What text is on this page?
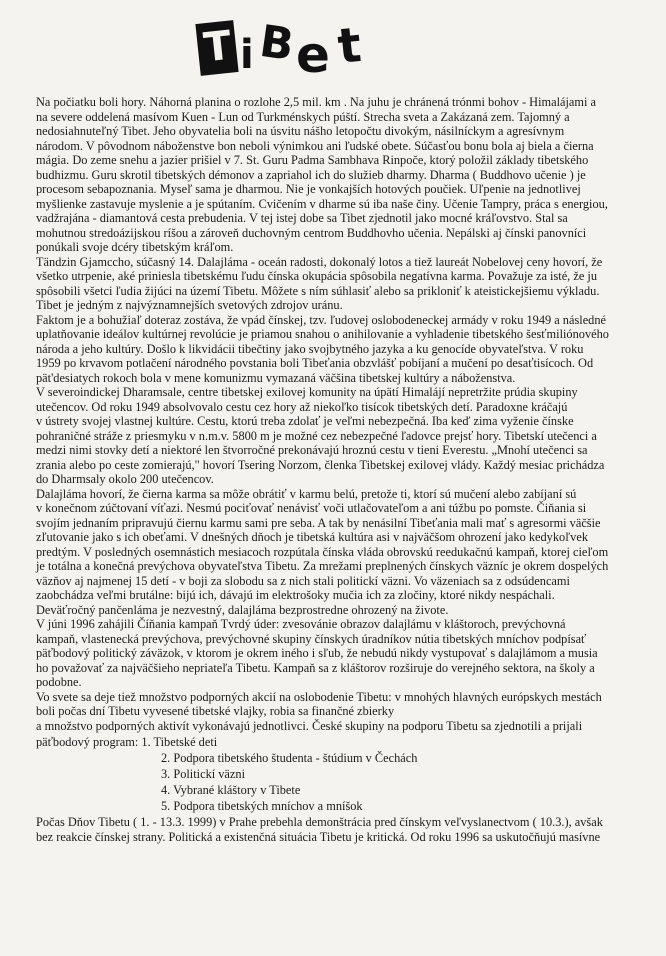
T i B e t
Na počiatku boli hory. Náhorná planina o rozlohe 2,5 mil. km . Na juhu je chránená trónmi bohov - Himalájami a
na severe oddelená masívom Kuen - Lun od Turkménskych púští. Strecha sveta a Zakázaná zem. Tajomný a
nedosiahnuteľný Tibet. Jeho obyvatelia boli na úsvitu nášho letopočtu divokým, násilníckym a agresívnym
národom. V pôvodnom náboženstve bon neboli výnimkou ani ľudské obete. Súčasťou bonu bola aj biela a čierna
mágia. Do zeme snehu a jazier prišiel v 7. St. Guru Padma Sambhava Rinpoče, ktorý položil základy tibetského
budhizmu. Guru skrotil tibetských démonov a zapriahol ich do služieb dharmy. Dharma ( Buddhovo učenie ) je
procesom sebapoznania. Myseľ sama je dharmou. Nie je vonkajších hotových poučiek. Uľpenie na jednotlivej
myšlienke zastavuje myslenie a je spútaním. Cvičením v dharme sú iba naše činy. Učenie Tampry, práca s energiou,
vadžrajána - diamantová cesta prebudenia. V tej istej dobe sa Tibet zjednotil jako mocné kráľovstvo. Stal sa
mohutnou stredoázijskou ríšou a zároveň duchovným centrom Buddhovho učenia. Nepálski aj čínski panovníci
ponúkali svoje dcéry tibetským kráľom.
Tändzin Gjamccho, súčasný 14. Dalajláma - oceán radosti, dokonalý lotos a tiež laureát Nobelovej ceny hovorí, že
všetko utrpenie, aké priniesla tibetskému ľudu čínska okupácia spôsobila negatívna karma. Považuje za isté, že ju
spôsobili všetci ľudia žijúci na území Tibetu. Môžete s ním súhlasiť alebo sa prikloniť k ateistickejšiemu výkladu.
Tibet je jedným z najvýznamnejších svetových zdrojov uránu.
Faktom je a bohužiaľ doteraz zostáva, že vpád čínskej, tzv. ľudovej oslobodeneckej armády v roku 1949 a následné
uplatňovanie ideálov kultúrnej revolúcie je priamou snahou o anihilovanie a vyhladenie tibetského šesťmiliónového
národa a jeho kultúry. Došlo k likvidácii tibečtiny jako svojbytného jazyka a ku genocíde obyvateľstva. V roku
1959 po krvavom potlačení národného povstania boli Tibeťania obzvlášť pobíjaní a mučení po desaťtisícoch. Od
pät'desiatych rokoch bola v mene komunizmu vymazaná väčšina tibetskej kultúry a náboženstva.
V severoindickej Dharamsale, centre tibetskej exilovej komunity na úpätí Himalájí nepretržite prúdia skupiny
utečencov. Od roku 1949 absolvovalo cestu cez hory až niekoľko tisícok tibetských detí. Paradoxne kráčajú
v ústrety svojej vlastnej kultúre. Cestu, ktorú treba zdolať je veľmi nebezpečná. Iba keď zima vyženie čínske
pohraničné stráže z priesmyku v n.m.v. 5800 m je možné cez nebezpečné ľadovce prejsť hory. Tibetskí utečenci a
medzi nimi stovky detí a niektoré len štvorročné prekonávajú hroznú cestu v tieni Everestu. „Mnohí utečenci sa
zrania alebo po ceste zomierajú," hovorí Tsering Norzom, členka Tibetskej exilovej vlády. Každý mesiac prichádza
do Dharmsaly okolo 200 utečencov.
Dalajláma hovorí, že čierna karma sa môže obrátiť v karmu belú, pretože ti, ktorí sú mučení alebo zabíjaní sú
v konečnom zúčtovaní víťazi. Nesmú pociťovať nenávisť voči utlačovateľom a ani túžbu po pomste. Čiňania si
svojím jednaním pripravujú čiernu karmu sami pre seba. A tak by nenásilní Tibeťania mali mať s agresormi väčšie
zľutovanie jako s ich obeťami. V dnešných dňoch je tibetská kultúra asi v najväčšom ohrození jako kedykoľvek
predtým. V posledných osemnástich mesiacoch rozpútala čínska vláda obrovskú reedukačnú kampaň, ktorej cieľom
je totálna a konečná prevýchova obyvateľstva Tibetu. Za mrežami preplnených čínskych väzníc je okrem dospelých
väzňov aj najmenej 15 detí - v boji za slobodu sa z nich stali politickí väzni. Vo väzeniach sa z odsúdencami
zaobchádza veľmi brutálne: bijú ich, dávajú im elektrošoky mučia ich za zločiny, ktoré nikdy nespáchali.
Deväťročný pančenláma je nezvestný, dalajláma bezprostredne ohrozený na živote.
V júni 1996 zahájili Číňania kampaň Tvrdý úder: zvesovánie obrazov dalajlámu v kláštoroch, prevýchovná
kampaň, vlastenecká prevýchova, prevýchovné skupiny čínskych úradníkov nútia tibetských mníchov podpísať
päťbodový politický záväzok, v ktorom je okrem iného i sľub, že nebudú nikdy vystupovať s dalajlámom a musia
ho považovať za najväčšieho nepriateľa Tibetu. Kampaň sa z kláštorov rozširuje do verejného sektora, na školy a
podobne.
Vo svete sa deje tiež množstvo podporných akcií na oslobodenie Tibetu: v mnohých hlavných európskych mestách
boli počas dní Tibetu vyvesené tibetské vlajky, robia sa finančné zbierky
a množstvo podporných aktivít vykonávajú jednotlivci. České skupiny na podporu Tibetu sa zjednotili a prijali
päťbodový program: 1. Tibetské deti
2. Podpora tibetského študenta - štúdium v Čechách
3. Politickí väzni
4. Vybrané kláštory v Tibete
5. Podpora tibetských mníchov a mníšok
Počas Dňov Tibetu ( 1. - 13.3. 1999) v Prahe prebehla demonštrácia pred čínskym veľvyslanectvom ( 10.3.), avšak
bez reakcie čínskej strany. Politická a existenčná situácia Tibetu je kritická. Od roku 1996 sa uskutočňujú masívne
